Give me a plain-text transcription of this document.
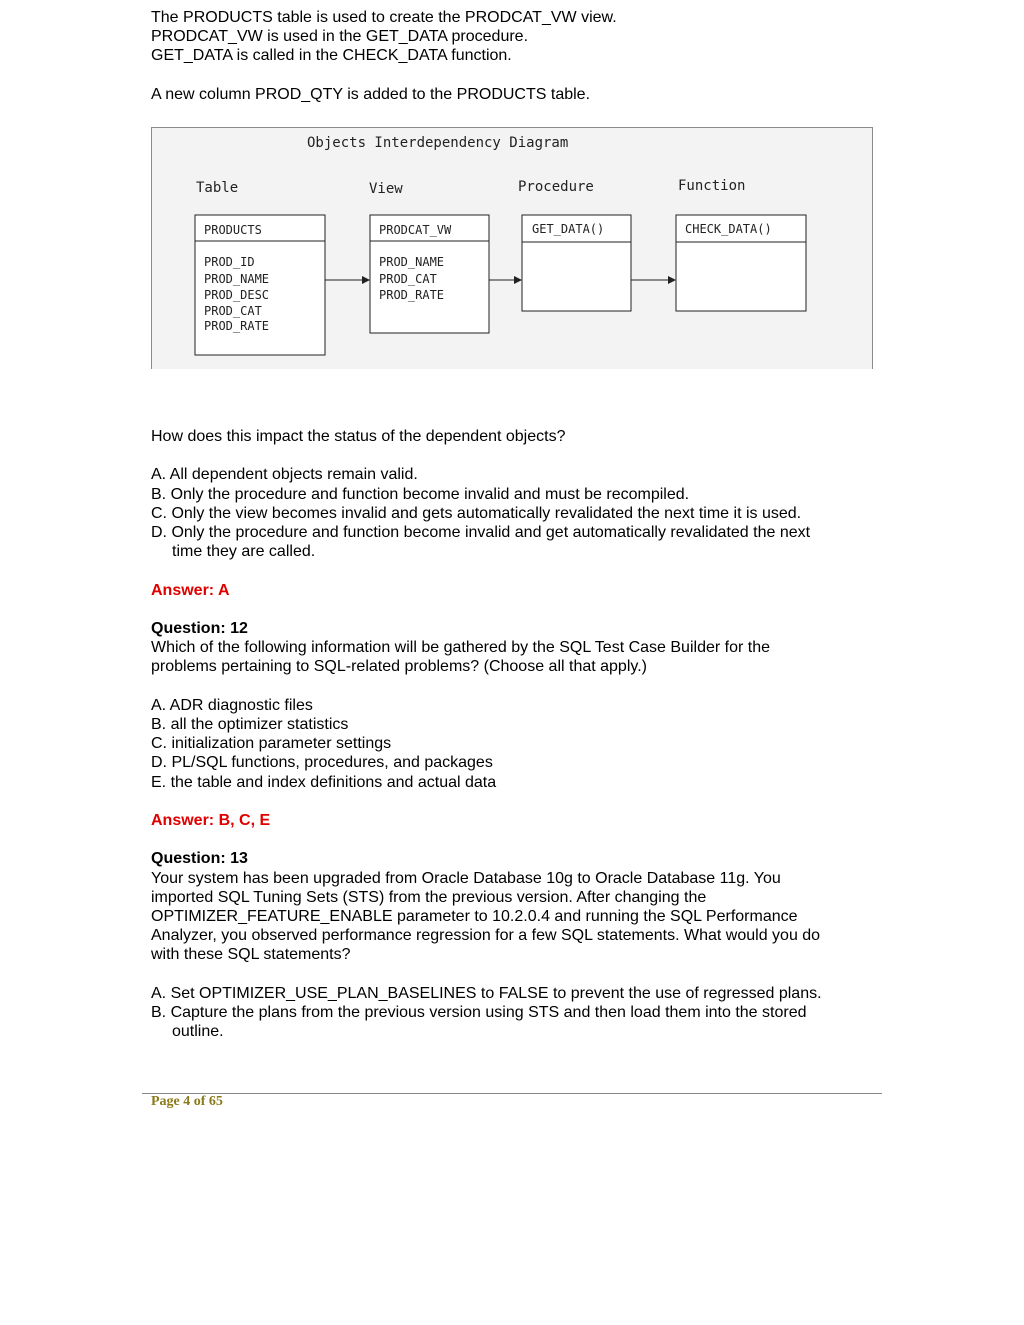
The PRODUCTS table is used to create the PRODCAT_VW view.
PRODCAT_VW is used in the GET_DATA procedure.
GET_DATA is called in the CHECK_DATA function.
A new column PROD_QTY is added to the PRODUCTS table.
Objects Interdependency Diagram
Table	View	Procedure	Function
PRODUCTS
PROD_ID
PROD_NAME
PROD_DESC
PROD_CAT
PROD_RATE
PRODCAT_VW
PROD_NAME
PROD_CAT
PROD_RATE
GET_DATA()	CHECK_DATA()
How does this impact the status of the dependent objects?
A. All dependent objects remain valid.
B. Only the procedure and function become invalid and must be recompiled.
C. Only the view becomes invalid and gets automatically revalidated the next time it is used.
D. Only the procedure and function become invalid and get automatically revalidated the next
time they are called.
Answer: A
Question: 12
Which of the following information will be gathered by the SQL Test Case Builder for the
problems pertaining to SQL-related problems? (Choose all that apply.)
A. ADR diagnostic files
B. all the optimizer statistics
C. initialization parameter settings
D. PL/SQL functions, procedures, and packages
E. the table and index definitions and actual data
Answer: B, C, E
Question: 13
Your system has been upgraded from Oracle Database 10g to Oracle Database 11g. You
imported SQL Tuning Sets (STS) from the previous version. After changing the
OPTIMIZER_FEATURE_ENABLE parameter to 10.2.0.4 and running the SQL Performance
Analyzer, you observed performance regression for a few SQL statements. What would you do
with these SQL statements?
A. Set OPTIMIZER_USE_PLAN_BASELINES to FALSE to prevent the use of regressed plans.
B. Capture the plans from the previous version using STS and then load them into the stored
outline.
Page 4 of 65
